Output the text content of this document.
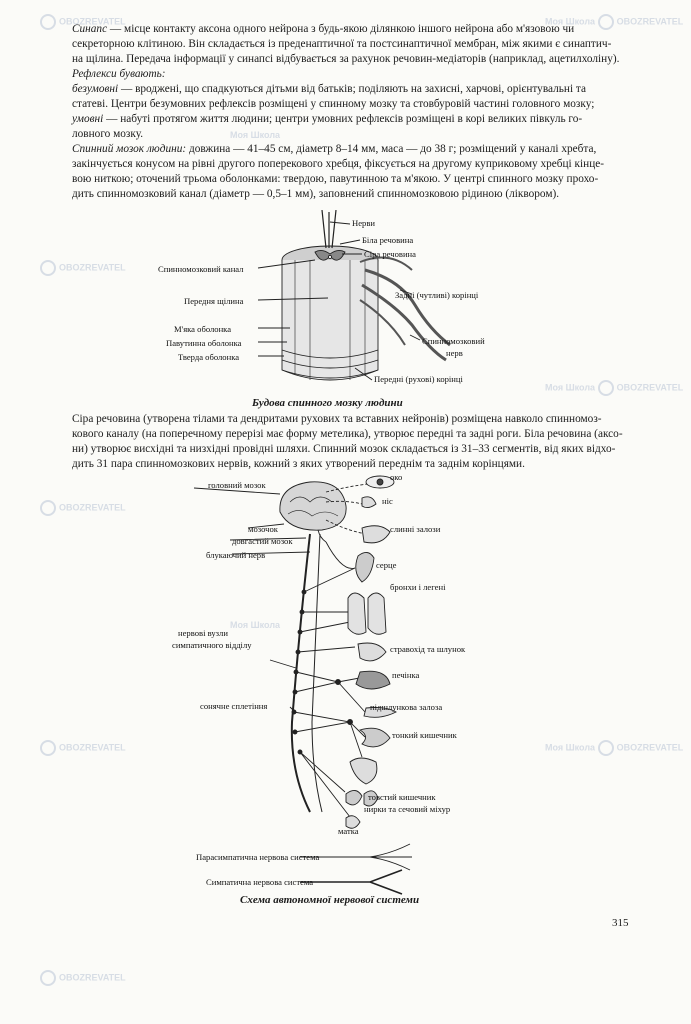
Синапс — місце контакту аксона одного нейрона з будь-якою ділянкою іншого нейрона або м'язовою чи
секреторною клітиною. Він складається із преденаптичної та постсинаптичної мембран, між якими є синаптич-
на щілина. Передача інформації у синапсі відбувається за рахунок речовин-медіаторів (наприклад, ацетилхоліну).

Рефлекси бувають:
безумовні — вроджені, що спадкуються дітьми від батьків; поділяють на захисні, харчові, орієнтувальні та
статеві. Центри безумовних рефлексів розміщені у спинному мозку та стовбуровій частині головного мозку;
умовні — набуті протягом життя людини; центри умовних рефлексів розміщені в корі великих півкуль го-
ловного мозку.

Спинний мозок людини: довжина — 41–45 см, діаметр 8–14 мм, маса — до 38 г; розміщений у каналі хребта,
закінчується конусом на рівні другого поперекового хребця, фіксується на другому куприковому хребці кінце-
вою ниткою; оточений трьома оболонками: твердою, павутинною та м'якою. У центрі спинного мозку прохо-
дить спинномозковий канал (діаметр — 0,5–1 мм), заповнений спинномозковою рідиною (ліквором).

Спинномозковий канал
Передня щілина
М'яка оболонка
Павутинна оболонка
Тверда оболонка
Нерви
Біла речовина
Сіра речовина
Задні (чутливі) корінці
Спинномозковий
нерв
Передні (рухові) корінці
Будова спинного мозку людини

Сіра речовина (утворена тілами та дендритами рухових та вставних нейронів) розміщена навколо спинномоз-
кового каналу (на поперечному перерізі має форму метелика), утворює передні та задні роги. Біла речовина (аксо-
ни) утворює висхідні та низхідні провідні шляхи. Спинний мозок складається із 31–33 сегментів, від яких відхо-
дить 31 пара спинномозкових нервів, кожний з яких утворений переднім та заднім корінцями.

головний мозок
мозочок
довгастий мозок
блукаючий нерв
нервові вузли
симпатичного відділу
сонячне сплетіння
око
ніс
слинні залози
серце
бронхи і легені
стравохід та шлунок
печінка
підшлункова залоза
тонкий кишечник
товстий кишечник
нирки та сечовий міхур
матка
Парасимпатична нервова система
Симпатична нервова система
Схема автономної нервової системи
315
OBOZREVATEL
OBOZREVATEL
OBOZREVATEL
OBOZREVATEL
OBOZREVATEL
Моя Школа
Моя Школа
Моя Школа OBOZREVATEL
Моя Школа OBOZREVATEL
Моя Школа OBOZREVATEL
